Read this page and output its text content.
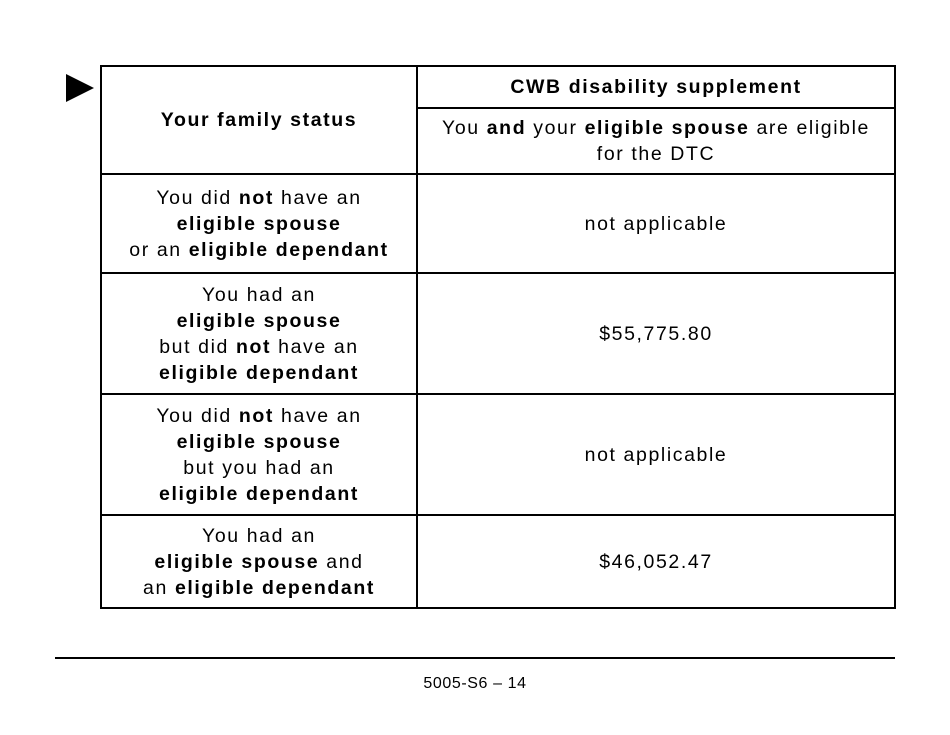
Your family status	CWB disability supplement

	You and your eligible spouse are eligible
for the DTC

You did not have an
eligible spouse
or an eligible dependant	not applicable

You had an
eligible spouse
but did not have an
eligible dependant	$55,775.80

You did not have an
eligible spouse
but you had an
eligible dependant	not applicable

You had an
eligible spouse and
an eligible dependant	$46,052.47
5005-S6 – 14
